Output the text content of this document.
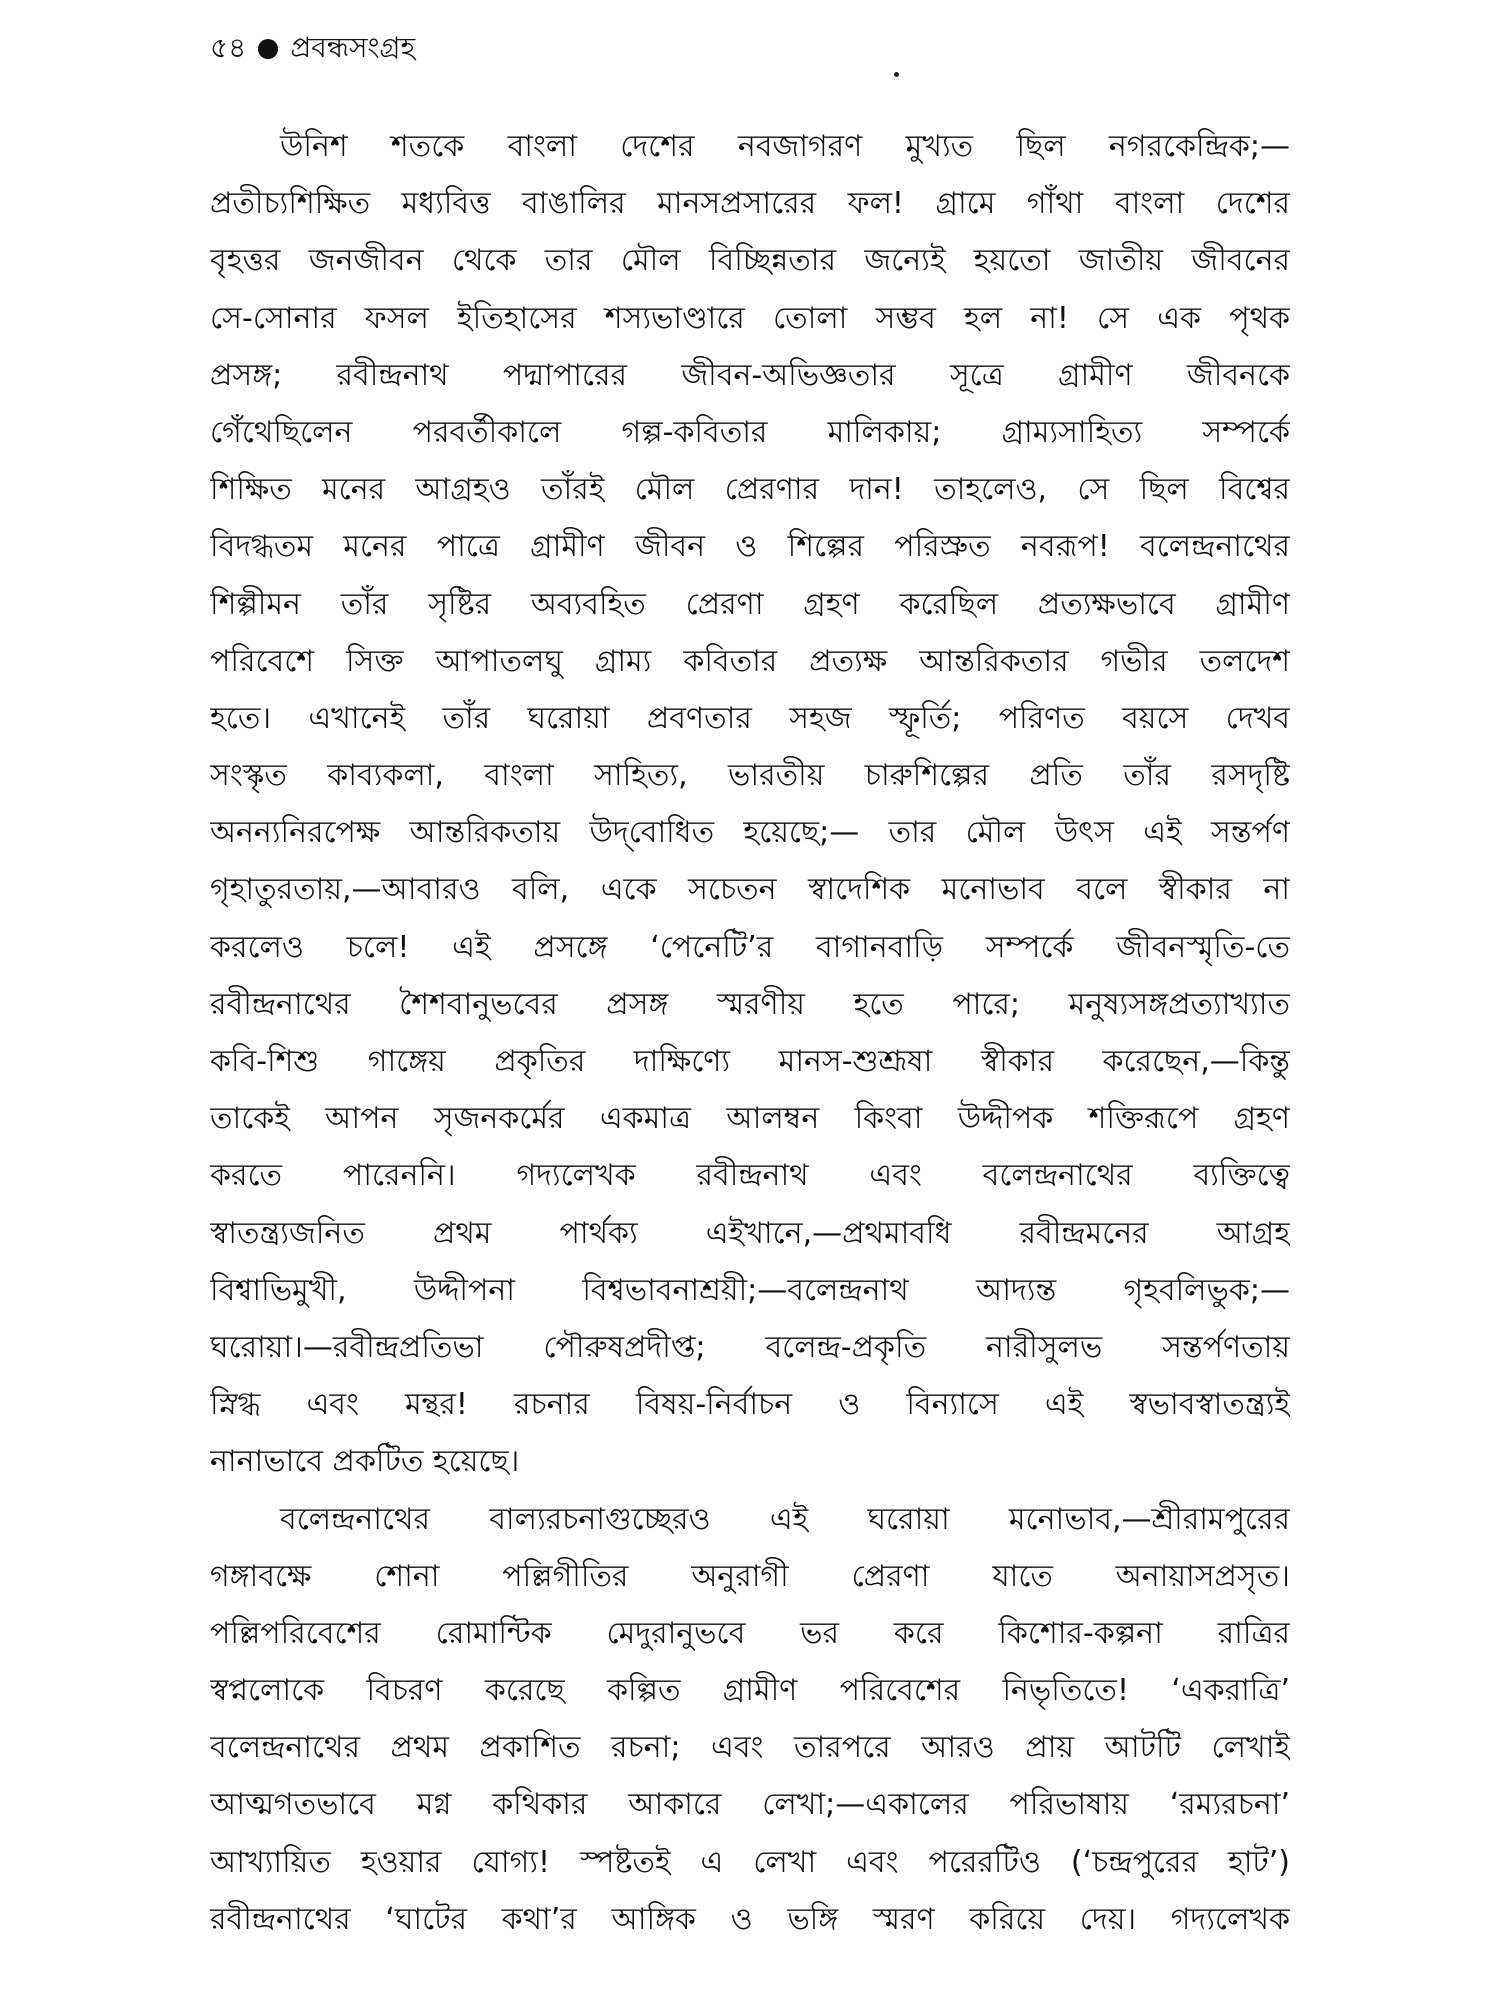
৫৪ প্রবন্ধসংগ্রহ
উনিশ শতকে বাংলা দেশের নবজাগরণ মুখ্যত ছিল নগরকেন্দ্রিক;—
প্রতীচ্যশিক্ষিত মধ্যবিত্ত বাঙালির মানসপ্রসারের ফল! গ্রামে গাঁথা বাংলা দেশের
বৃহত্তর জনজীবন থেকে তার মৌল বিচ্ছিন্নতার জন্যেই হয়তো জাতীয় জীবনের
সে-সোনার ফসল ইতিহাসের শস্যভাণ্ডারে তোলা সম্ভব হল না! সে এক পৃথক
প্রসঙ্গ; রবীন্দ্রনাথ পদ্মাপারের জীবন-অভিজ্ঞতার সূত্রে গ্রামীণ জীবনকে
গেঁথেছিলেন পরবর্তীকালে গল্প-কবিতার মালিকায়; গ্রাম্যসাহিত্য সম্পর্কে
শিক্ষিত মনের আগ্রহও তাঁরই মৌল প্রেরণার দান! তাহলেও, সে ছিল বিশ্বের
বিদগ্ধতম মনের পাত্রে গ্রামীণ জীবন ও শিল্পের পরিস্রুত নবরূপ! বলেন্দ্রনাথের
শিল্পীমন তাঁর সৃষ্টির অব্যবহিত প্রেরণা গ্রহণ করেছিল প্রত্যক্ষভাবে গ্রামীণ
পরিবেশে সিক্ত আপাতলঘু গ্রাম্য কবিতার প্রত্যক্ষ আন্তরিকতার গভীর তলদেশ
হতে। এখানেই তাঁর ঘরোয়া প্রবণতার সহজ স্ফূর্তি; পরিণত বয়সে দেখব
সংস্কৃত কাব্যকলা, বাংলা সাহিত্য, ভারতীয় চারুশিল্পের প্রতি তাঁর রসদৃষ্টি
অনন্যনিরপেক্ষ আন্তরিকতায় উদ্‌বোধিত হয়েছে;— তার মৌল উৎস এই সন্তর্পণ
গৃহাতুরতায়,—আবারও বলি, একে সচেতন স্বাদেশিক মনোভাব বলে স্বীকার না
করলেও চলে! এই প্রসঙ্গে ‘পেনেটি’র বাগানবাড়ি সম্পর্কে জীবনস্মৃতি-তে
রবীন্দ্রনাথের শৈশবানুভবের প্রসঙ্গ স্মরণীয় হতে পারে; মনুষ্যসঙ্গপ্রত্যাখ্যাত
কবি-শিশু গাঙ্গেয় প্রকৃতির দাক্ষিণ্যে মানস-শুশ্রূষা স্বীকার করেছেন,—কিন্তু
তাকেই আপন সৃজনকর্মের একমাত্র আলম্বন কিংবা উদ্দীপক শক্তিরূপে গ্রহণ
করতে পারেননি। গদ্যলেখক রবীন্দ্রনাথ এবং বলেন্দ্রনাথের ব্যক্তিত্বে
স্বাতন্ত্র্যজনিত প্রথম পার্থক্য এইখানে,—প্রথমাবধি রবীন্দ্রমনের আগ্রহ
বিশ্বাভিমুখী, উদ্দীপনা বিশ্বভাবনাশ্রয়ী;—বলেন্দ্রনাথ আদ্যন্ত গৃহবলিভুক;—
ঘরোয়া।—রবীন্দ্রপ্রতিভা পৌরুষপ্রদীপ্ত; বলেন্দ্র-প্রকৃতি নারীসুলভ সন্তর্পণতায়
স্নিগ্ধ এবং মন্থর! রচনার বিষয়-নির্বাচন ও বিন্যাসে এই স্বভাবস্বাতন্ত্র্যই
নানাভাবে প্রকটিত হয়েছে।
বলেন্দ্রনাথের বাল্যরচনাগুচ্ছেরও এই ঘরোয়া মনোভাব,—শ্রীরামপুরের
গঙ্গাবক্ষে শোনা পল্লিগীতির অনুরাগী প্রেরণা যাতে অনায়াসপ্রসৃত।
পল্লিপরিবেশের রোমান্টিক মেদুরানুভবে ভর করে কিশোর-কল্পনা রাত্রির
স্বপ্নলোকে বিচরণ করেছে কল্পিত গ্রামীণ পরিবেশের নিভৃতিতে! ‘একরাত্রি’
বলেন্দ্রনাথের প্রথম প্রকাশিত রচনা; এবং তারপরে আরও প্রায় আটটি লেখাই
আত্মগতভাবে মগ্ন কথিকার আকারে লেখা;—একালের পরিভাষায় ‘রম্যরচনা’
আখ্যায়িত হওয়ার যোগ্য! স্পষ্টতই এ লেখা এবং পরেরটিও (‘চন্দ্রপুরের হাট’)
রবীন্দ্রনাথের ‘ঘাটের কথা’র আঙ্গিক ও ভঙ্গি স্মরণ করিয়ে দেয়। গদ্যলেখক
